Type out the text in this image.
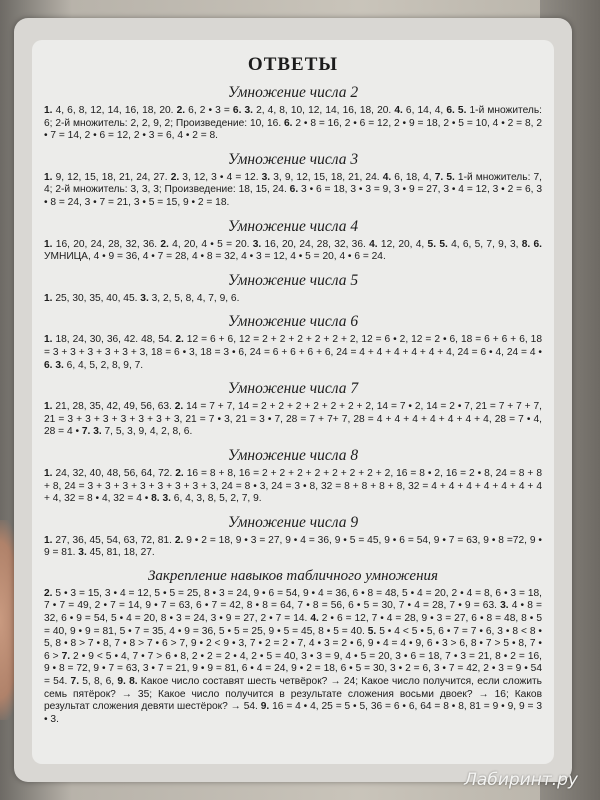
ОТВЕТЫ
Умножение числа 2

1. 4, 6, 8, 12, 14, 16, 18, 20. 2. 6, 2 • 3 = 6. 3. 2, 4, 8, 10, 12, 14, 16, 18, 20. 4. 6, 14, 4, 6. 5. 1-й множитель: 6; 2-й множитель: 2, 2, 9, 2; Произведение: 10, 16. 6. 2 • 8 = 16, 2 • 6 = 12, 2 • 9 = 18, 2 • 5 = 10, 4 • 2 = 8, 2 • 7 = 14, 2 • 6 = 12, 2 • 3 = 6, 4 • 2 = 8.

Умножение числа 3

1. 9, 12, 15, 18, 21, 24, 27. 2. 3, 12, 3 • 4 = 12. 3. 3, 9, 12, 15, 18, 21, 24. 4. 6, 18, 4, 7. 5. 1-й множитель: 7, 4; 2-й множитель: 3, 3, 3; Произведение: 18, 15, 24. 6. 3 • 6 = 18, 3 • 3 = 9, 3 • 9 = 27, 3 • 4 = 12, 3 • 2 = 6, 3 • 8 = 24, 3 • 7 = 21, 3 • 5 = 15, 9 • 2 = 18.

Умножение числа 4

1. 16, 20, 24, 28, 32, 36. 2. 4, 20, 4 • 5 = 20. 3. 16, 20, 24, 28, 32, 36. 4. 12, 20, 4, 5. 5. 4, 6, 5, 7, 9, 3, 8. 6. УМНИЦА, 4 • 9 = 36, 4 • 7 = 28, 4 • 8 = 32, 4 • 3 = 12, 4 • 5 = 20, 4 • 6 = 24.

Умножение числа 5

1. 25, 30, 35, 40, 45. 3. 3, 2, 5, 8, 4, 7, 9, 6.

Умножение числа 6

1. 18, 24, 30, 36, 42. 48, 54. 2. 12 = 6 + 6, 12 = 2 + 2 + 2 + 2 + 2 + 2, 12 = 6 • 2, 12 = 2 • 6, 18 = 6 + 6 + 6, 18 = 3 + 3 + 3 + 3 + 3 + 3, 18 = 6 • 3, 18 = 3 • 6, 24 = 6 + 6 + 6 + 6, 24 = 4 + 4 + 4 + 4 + 4 + 4, 24 = 6 • 4, 24 = 4 • 6. 3. 6, 4, 5, 2, 8, 9, 7.

Умножение числа 7

1. 21, 28, 35, 42, 49, 56, 63. 2. 14 = 7 + 7, 14 = 2 + 2 + 2 + 2 + 2 + 2 + 2, 14 = 7 • 2, 14 = 2 • 7, 21 = 7 + 7 + 7, 21 = 3 + 3 + 3 + 3 + 3 + 3 + 3, 21 = 7 • 3, 21 = 3 • 7, 28 = 7 + 7+ 7, 28 = 4 + 4 + 4 + 4 + 4 + 4 + 4, 28 = 7 • 4, 28 = 4 • 7. 3. 7, 5, 3, 9, 4, 2, 8, 6.

Умножение числа 8

1. 24, 32, 40, 48, 56, 64, 72. 2. 16 = 8 + 8, 16 = 2 + 2 + 2 + 2 + 2 + 2 + 2 + 2, 16 = 8 • 2, 16 = 2 • 8, 24 = 8 + 8 + 8, 24 = 3 + 3 + 3 + 3 + 3 + 3 + 3 + 3, 24 = 8 • 3, 24 = 3 • 8, 32 = 8 + 8 + 8 + 8, 32 = 4 + 4 + 4 + 4 + 4 + 4 + 4 + 4, 32 = 8 • 4, 32 = 4 • 8. 3. 6, 4, 3, 8, 5, 2, 7, 9.

Умножение числа 9

1. 27, 36, 45, 54, 63, 72, 81. 2. 9 • 2 = 18, 9 • 3 = 27, 9 • 4 = 36, 9 • 5 = 45, 9 • 6 = 54, 9 • 7 = 63, 9 • 8 =72, 9 • 9 = 81. 3. 45, 81, 18, 27.

Закрепление навыков табличного умножения

2. 5 • 3 = 15, 3 • 4 = 12, 5 • 5 = 25, 8 • 3 = 24, 9 • 6 = 54, 9 • 4 = 36, 6 • 8 = 48, 5 • 4 = 20, 2 • 4 = 8, 6 • 3 = 18, 7 • 7 = 49, 2 • 7 = 14, 9 • 7 = 63, 6 • 7 = 42, 8 • 8 = 64, 7 • 8 = 56, 6 • 5 = 30, 7 • 4 = 28, 7 • 9 = 63. 3. 4 • 8 = 32, 6 • 9 = 54, 5 • 4 = 20, 8 • 3 = 24, 3 • 9 = 27, 2 • 7 = 14. 4. 2 • 6 = 12, 7 • 4 = 28, 9 • 3 = 27, 6 • 8 = 48, 8 • 5 = 40, 9 • 9 = 81, 5 • 7 = 35, 4 • 9 = 36, 5 • 5 = 25, 9 • 5 = 45, 8 • 5 = 40. 5. 5 • 4 < 5 • 5, 6 • 7 = 7 • 6, 3 • 8 < 8 • 5, 8 • 8 > 7 • 8, 7 • 8 > 7 • 6 > 7, 9 • 2 < 9 • 3, 7 • 2 = 2 • 7, 4 • 3 = 2 • 6, 9 • 4 = 4 • 9, 6 • 3 > 6, 8 • 7 > 5 • 8, 7 • 6 > 7. 2 • 9 < 5 • 4, 7 • 7 > 6 • 8, 2 • 2 = 2 • 4, 2 • 5 = 40, 3 • 3 = 9, 4 • 5 = 20, 3 • 6 = 18, 7 • 3 = 21, 8 • 2 = 16, 9 • 8 = 72, 9 • 7 = 63, 3 • 7 = 21, 9 • 9 = 81, 6 • 4 = 24, 9 • 2 = 18, 6 • 5 = 30, 3 • 2 = 6, 3 • 7 = 42, 2 • 3 = 9 • 54 = 54. 7. 5, 8, 6, 9. 8. Какое число составят шесть четвёрок? → 24; Какое число получится, если сложить семь пятёрок? → 35; Какое число получится в результате сложения восьми двоек? → 16; Каков результат сложения девяти шестёрок? → 54. 9. 16 = 4 • 4, 25 = 5 • 5, 36 = 6 • 6, 64 = 8 • 8, 81 = 9 • 9, 9 = 3 • 3.

Лабиринт.ру
